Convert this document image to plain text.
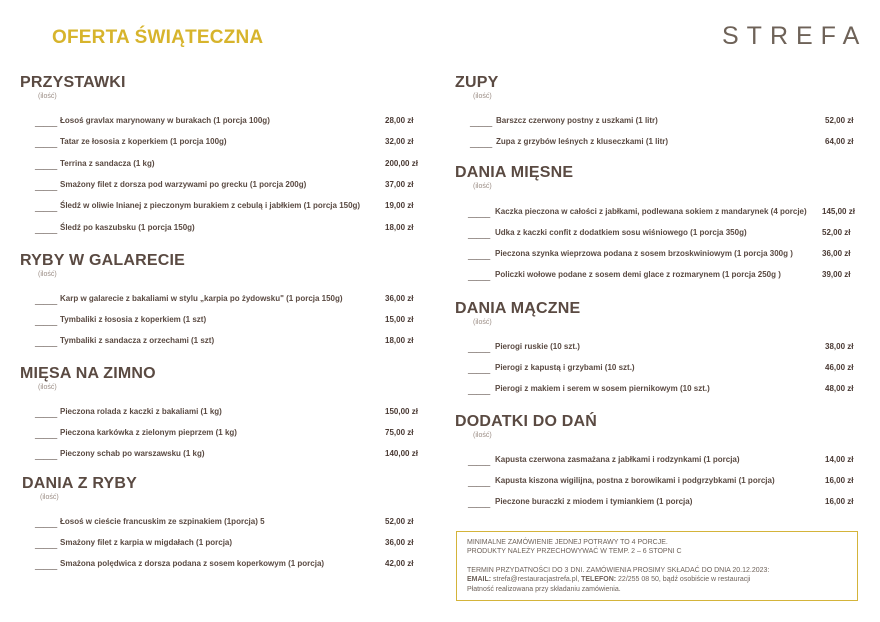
OFERTA ŚWIĄTECZNA	STREFA
PRZYSTAWKI
(ilość)
RYBY W GALARECIE
(ilość)
MIĘSA NA ZIMNO
(ilość)
DANIA Z RYBY
(ilość)
ZUPY
(ilość)
DANIA MIĘSNE
(ilość)
DANIA MĄCZNE
(ilość)
DODATKI DO DAŃ
(ilość)
MINIMALNE ZAMÓWIENIE JEDNEJ POTRAWY TO 4 PORCJE.
PRODUKTY NALEŻY PRZECHOWYWAĆ W TEMP. 2 – 6 STOPNI C
TERMIN PRZYDATNOŚCI DO 3 DNI. ZAMÓWIENIA PROSIMY SKŁADAĆ DO DNIA 20.12.2023:
EMAIL: strefa@restauracjastrefa.pl, TELEFON: 22/255 08 50, bądź osobiście w restauracji
Płatność realizowana przy składaniu zamówienia.
_____ Łosoś gravlax marynowany w burakach (1 porcja 100g)	28,00 zł
_____ Tatar ze łososia z koperkiem (1 porcja 100g)	32,00 zł
_____ Terrina z sandacza (1 kg)	200,00 zł
_____ Smażony filet z dorsza pod warzywami po grecku (1 porcja 200g)	37,00 zł
_____ Śledź w oliwie lnianej z pieczonym burakiem z cebulą i jabłkiem (1 porcja 150g)	19,00 zł
_____ Śledź po kaszubsku (1 porcja 150g)	18,00 zł
_____ Karp w galarecie z bakaliami w stylu „karpia po żydowsku" (1 porcja 150g)	36,00 zł
_____ Tymbaliki z łososia z koperkiem (1 szt)	15,00 zł
_____ Tymbaliki z sandacza z orzechami (1 szt)	18,00 zł
_____ Pieczona rolada z kaczki z bakaliami (1 kg)	150,00 zł
_____ Pieczona karkówka z zielonym pieprzem (1 kg)	75,00 zł
_____ Pieczony schab po warszawsku (1 kg)	140,00 zł
_____ Łosoś w cieście francuskim ze szpinakiem (1porcja) 5	52,00 zł
_____ Smażony filet z karpia w migdałach (1 porcja)	36,00 zł
_____ Smażona polędwica z dorsza podana z sosem koperkowym (1 porcja)	42,00 zł
_____ Barszcz czerwony postny z uszkami (1 litr)	52,00 zł
_____ Zupa z grzybów leśnych z kluseczkami (1 litr)	64,00 zł
_____ Kaczka pieczona w całości z jabłkami, podlewana sokiem z mandarynek (4 porcje) 145,00 zł
_____ Udka z kaczki confit z dodatkiem sosu wiśniowego (1 porcja 350g)	52,00 zł
_____ Pieczona szynka wieprzowa podana z sosem brzoskwiniowym (1 porcja 300g )	36,00 zł
_____ Policzki wołowe podane z sosem demi glace z rozmarynem (1 porcja 250g )	39,00 zł
_____ Pierogi ruskie (10 szt.)	38,00 zł
_____ Pierogi z kapustą i grzybami (10 szt.)	46,00 zł
_____ Pierogi z makiem i serem w sosem piernikowym (10 szt.)	48,00 zł
_____ Kapusta czerwona zasmażana z jabłkami i rodzynkami (1 porcja)	14,00 zł
_____ Kapusta kiszona wigilijna, postna z borowikami i podgrzybkami (1 porcja)	16,00 zł
_____ Pieczone buraczki z miodem i tymiankiem (1 porcja)	16,00 zł
